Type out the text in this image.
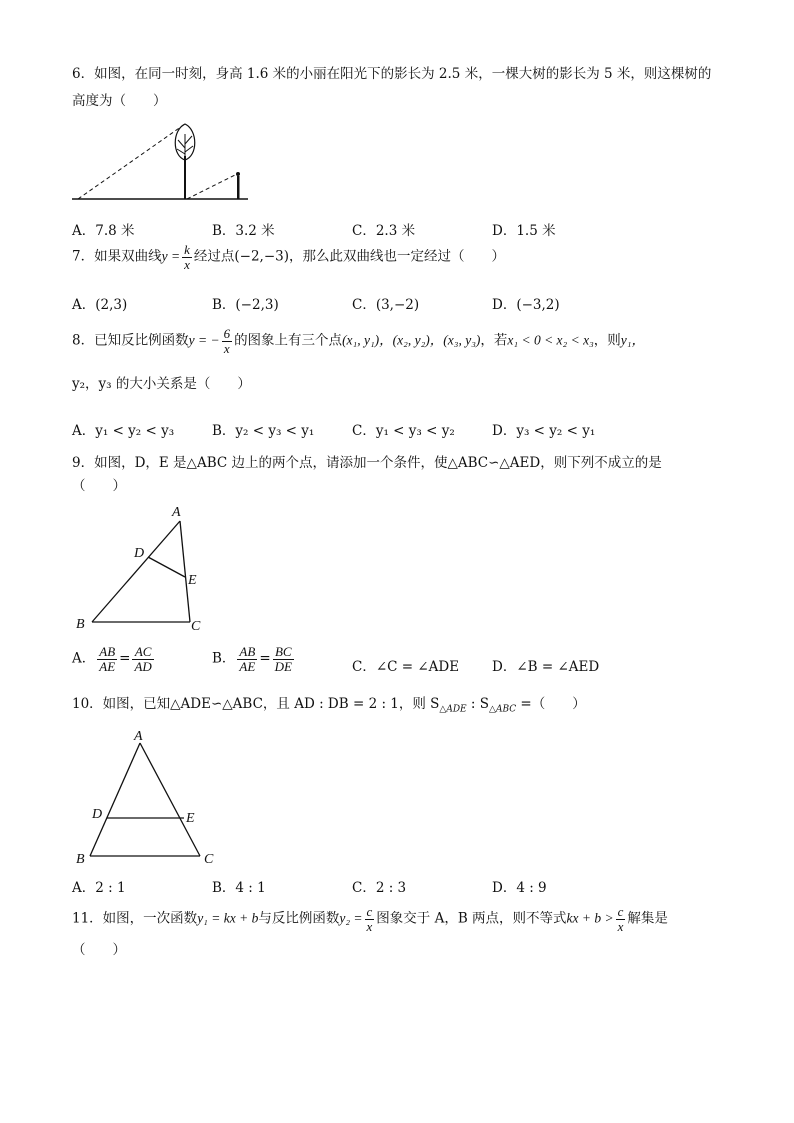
6．如图，在同一时刻，身高 1.6 米的小丽在阳光下的影长为 2.5 米，一棵大树的影长为 5 米，则这棵树的
高度为（　　）
A．7.8 米	B．3.2 米	C．2.3 米	D．1.5 米
7．如果双曲线$y = \frac{k}{x}$ 经过点(−2,−3)，那么此双曲线也一定经过（　　）
A．(2,3)	B．(−2,3)	C．(3,−2)	D．(−3,2)
8．已知反比例函数y = − $\frac{6}{x}$ 的图象上有三个点(x₁, y₁)，(x₂, y₂)，(x₃, y₃)，若x₁ < 0 < x₂ < x₃，则y₁，
y₂，y₃ 的大小关系是（　　）
A．y₁ < y₂ < y₃	B．y₂ < y₃ < y₁	C．y₁ < y₃ < y₂	D．y₃ < y₂ < y₁
9．如图，D，E 是△ABC 边上的两个点，请添加一个条件，使△ABC∽△AED，则下列不成立的是
（　　）
A
D
E
B	C
A． $\frac{AB}{AE} = \frac{AC}{AD}$	B． $\frac{AB}{AE} = \frac{BC}{DE}$	C．∠C = ∠ADE D．∠B = ∠AED
10．如图，已知△ADE∽△ABC，且 AD : DB = 2 : 1，则 $S_{\triangle ADE}$ : $S_{\triangle ABC}$ =（　　）
A
D	E
B	C
A．2 : 1	B．4 : 1	C．2 : 3	D．4 : 9
11．如图，一次函数y₁ = kx + b与反比例函数$y_2 = \frac{c}{x}$ 图象交于 A，B 两点，则不等式kx + $b > \frac{c}{x}$ 解集是
（　　）
